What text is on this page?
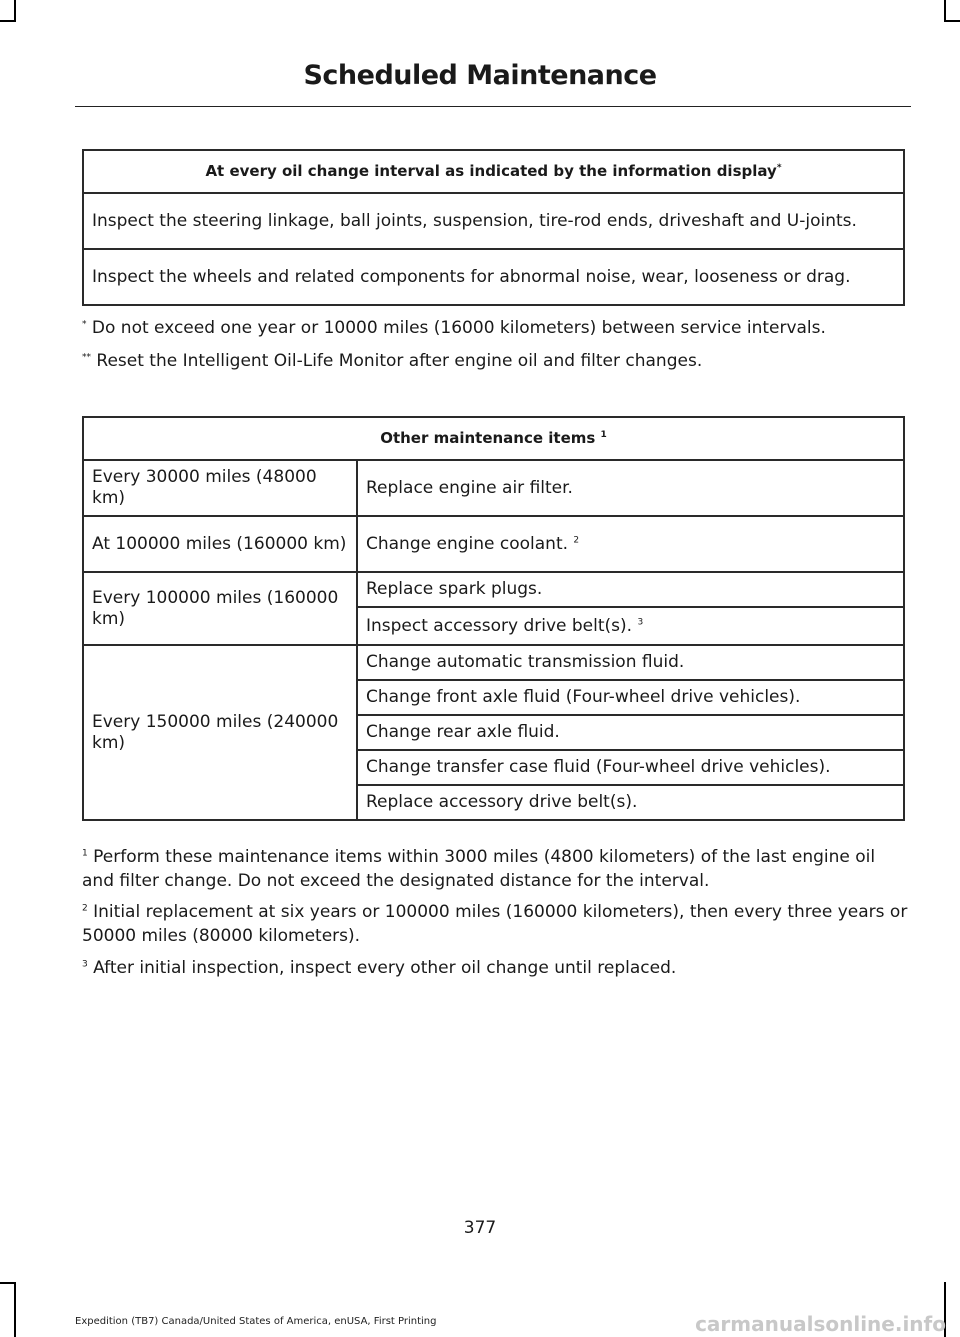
Scheduled Maintenance
At every oil change interval as indicated by the information display*
Inspect the steering linkage, ball joints, suspension, tire-rod ends, driveshaft and U-joints.
Inspect the wheels and related components for abnormal noise, wear, looseness or drag.
* Do not exceed one year or 10000 miles (16000 kilometers) between service intervals.
** Reset the Intelligent Oil-Life Monitor after engine oil and filter changes.
Other maintenance items $^1$
Every 30000 miles (48000 km)	Replace engine air filter.
At 100000 miles (160000 km)	Change engine coolant. $^2$
Every 100000 miles (160000 km)	Replace spark plugs.
	Inspect accessory drive belt(s). $^3$
Every 150000 miles (240000 km)	Change automatic transmission fluid.
	Change front axle fluid (Four-wheel drive vehicles).
	Change rear axle fluid.
	Change transfer case fluid (Four-wheel drive vehicles).
	Replace accessory drive belt(s).
$^1$ Perform these maintenance items within 3000 miles (4800 kilometers) of the last engine oil and filter change. Do not exceed the designated distance for the interval.
$^2$ Initial replacement at six years or 100000 miles (160000 kilometers), then every three years or 50000 miles (80000 kilometers).
$^3$ After initial inspection, inspect every other oil change until replaced.
377
Expedition (TB7) Canada/United States of America, enUSA, First Printing	carmanualsonline.info
